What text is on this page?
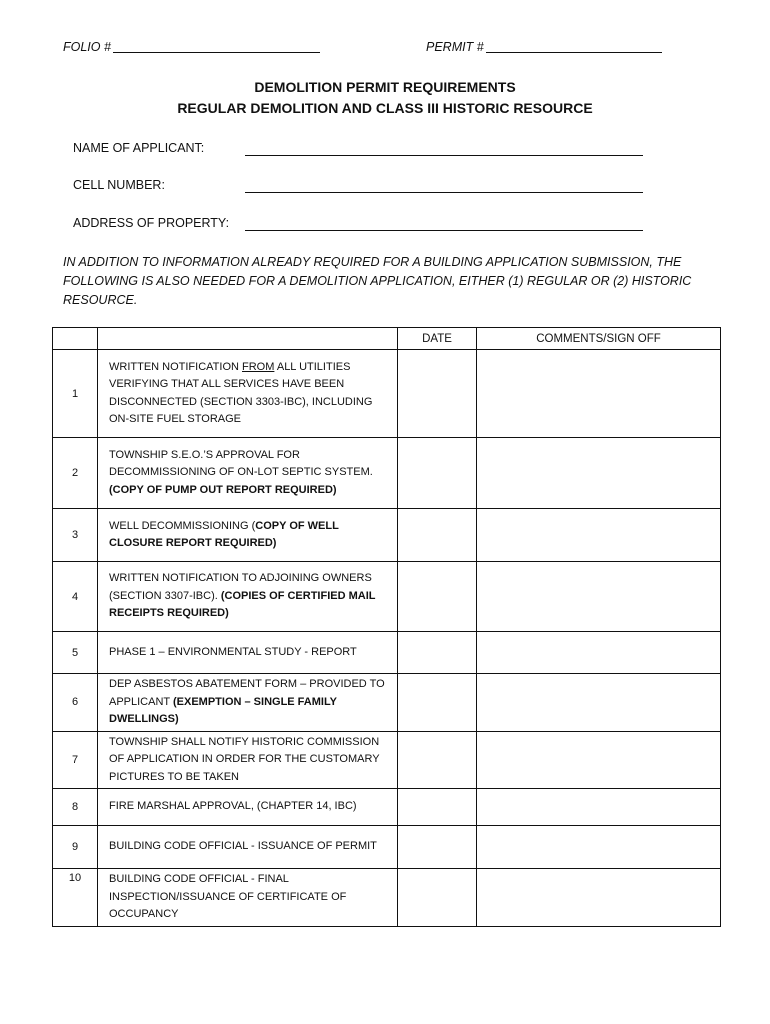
FOLIO #	PERMIT #
DEMOLITION PERMIT REQUIREMENTS
REGULAR DEMOLITION AND CLASS III HISTORIC RESOURCE
NAME OF APPLICANT:
CELL NUMBER:
ADDRESS OF PROPERTY:
IN ADDITION TO INFORMATION ALREADY REQUIRED FOR A BUILDING APPLICATION SUBMISSION, THE FOLLOWING IS ALSO NEEDED FOR A DEMOLITION APPLICATION, EITHER (1) REGULAR OR (2) HISTORIC RESOURCE.
		DATE	COMMENTS/SIGN OFF
1	WRITTEN NOTIFICATION FROM ALL UTILITIES VERIFYING THAT ALL SERVICES HAVE BEEN DISCONNECTED (SECTION 3303-IBC), INCLUDING ON-SITE FUEL STORAGE		
2	TOWNSHIP S.E.O.’S APPROVAL FOR DECOMMISSIONING OF ON-LOT SEPTIC SYSTEM. (COPY OF PUMP OUT REPORT REQUIRED)		
3	WELL DECOMMISSIONING (COPY OF WELL CLOSURE REPORT REQUIRED)		
4	WRITTEN NOTIFICATION TO ADJOINING OWNERS (SECTION 3307-IBC). (COPIES OF CERTIFIED MAIL RECEIPTS REQUIRED)		
5	PHASE 1 – ENVIRONMENTAL STUDY - REPORT		
6	DEP ASBESTOS ABATEMENT FORM – PROVIDED TO APPLICANT (EXEMPTION – SINGLE FAMILY DWELLINGS)		
7	TOWNSHIP SHALL NOTIFY HISTORIC COMMISSION OF APPLICATION IN ORDER FOR THE CUSTOMARY PICTURES TO BE TAKEN		
8	FIRE MARSHAL APPROVAL, (CHAPTER 14, IBC)		
9	BUILDING CODE OFFICIAL - ISSUANCE OF PERMIT		
10	BUILDING CODE OFFICIAL - FINAL INSPECTION/ISSUANCE OF CERTIFICATE OF OCCUPANCY		
